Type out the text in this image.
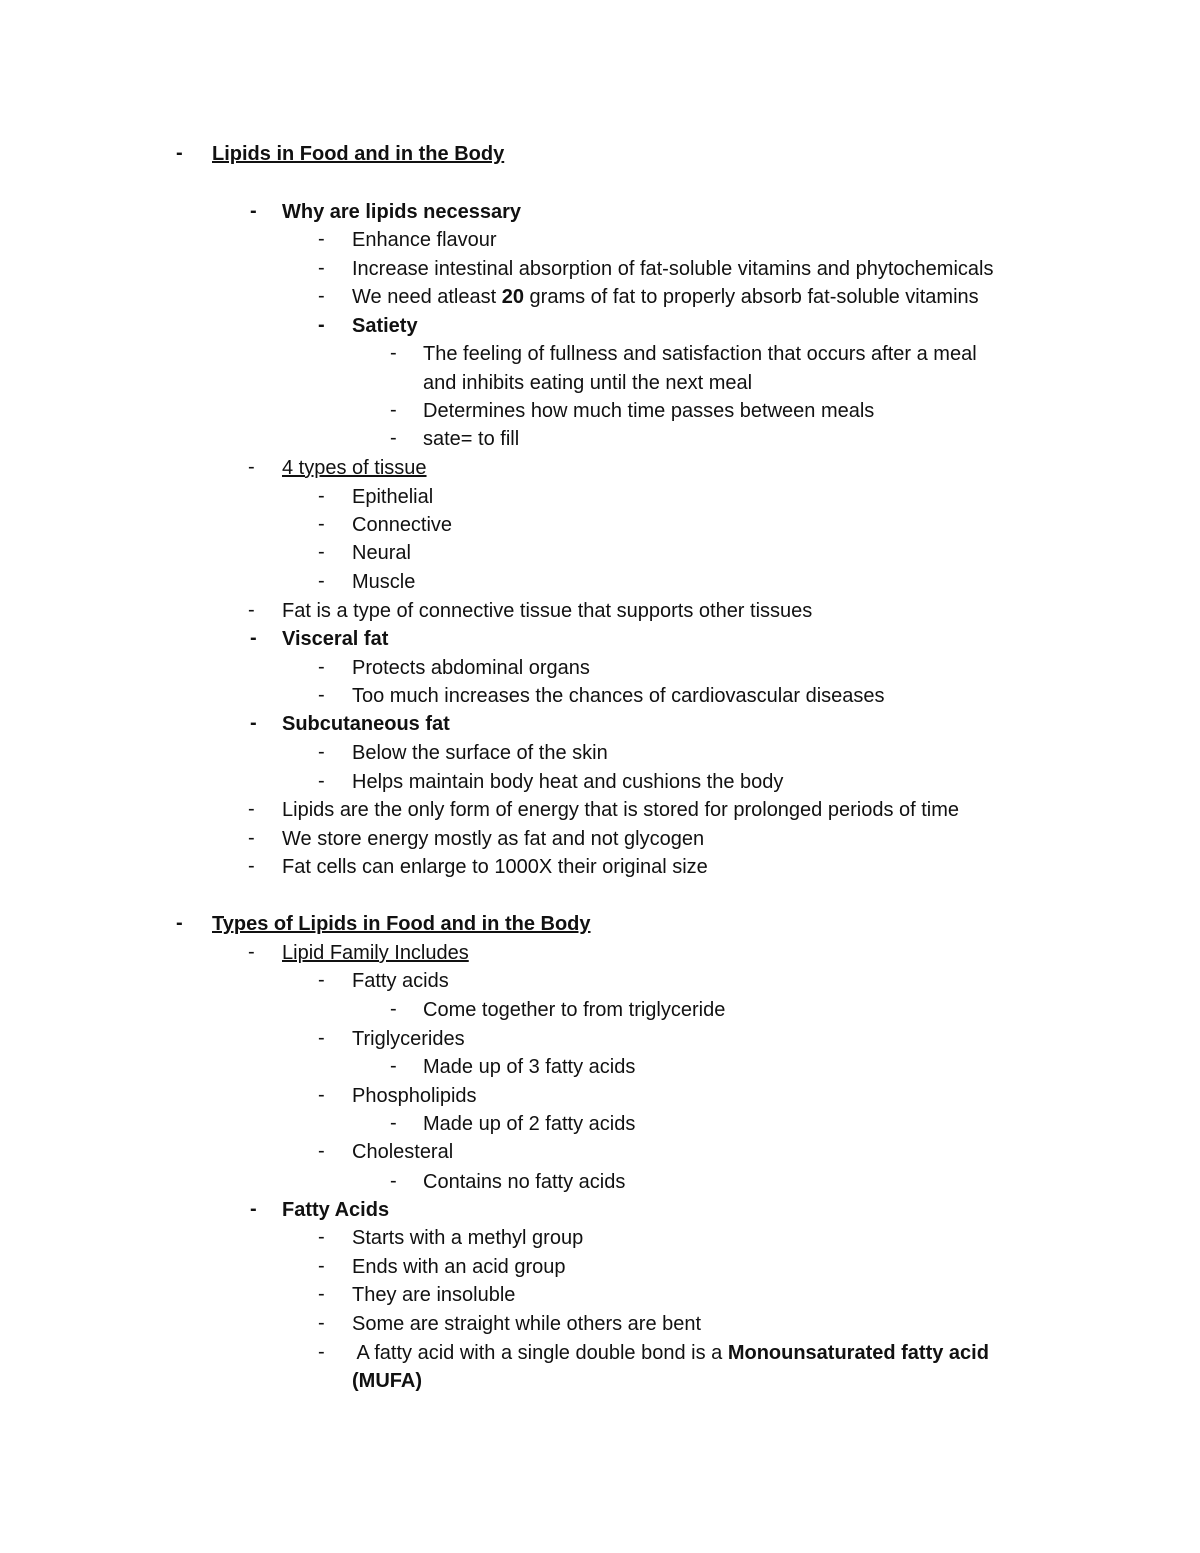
- Lipids in Food and in the Body
- Why are lipids necessary
- Enhance flavour
- Increase intestinal absorption of fat-soluble vitamins and phytochemicals
- We need atleast 20 grams of fat to properly absorb fat-soluble vitamins
- Satiety
- The feeling of fullness and satisfaction that occurs after a meal
and inhibits eating until the next meal
- Determines how much time passes between meals
- sate= to fill
- 4 types of tissue
- Epithelial
- Connective
- Neural
- Muscle
- Fat is a type of connective tissue that supports other tissues
- Visceral fat
- Protects abdominal organs
- Too much increases the chances of cardiovascular diseases
- Subcutaneous fat
- Below the surface of the skin
- Helps maintain body heat and cushions the body
- Lipids are the only form of energy that is stored for prolonged periods of time
- We store energy mostly as fat and not glycogen
- Fat cells can enlarge to 1000X their original size
- Types of Lipids in Food and in the Body
- Lipid Family Includes
- Fatty acids
- Come together to from triglyceride
- Triglycerides
- Made up of 3 fatty acids
- Phospholipids
- Made up of 2 fatty acids
- Cholesteral
- Contains no fatty acids
- Fatty Acids
- Starts with a methyl group
- Ends with an acid group
- They are insoluble
- Some are straight while others are bent
- A fatty acid with a single double bond is a Monounsaturated fatty acid
(MUFA)
